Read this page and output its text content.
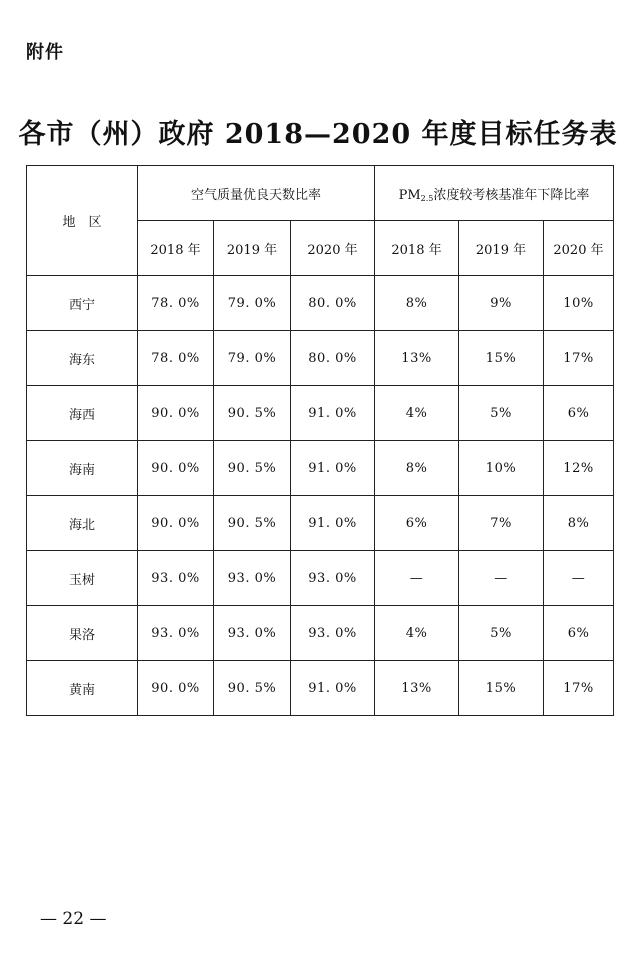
附件
各市（州）政府 2018—2020 年度目标任务表
地　区	空气质量优良天数比率			PM2.5浓度较考核基准年下降比率		
	2018 年	2019 年	2020 年	2018 年	2019 年	2020 年
西宁	78. 0%	79. 0%	80. 0%	8%	9%	10%
海东	78. 0%	79. 0%	80. 0%	13%	15%	17%
海西	90. 0%	90. 5%	91. 0%	4%	5%	6%
海南	90. 0%	90. 5%	91. 0%	8%	10%	12%
海北	90. 0%	90. 5%	91. 0%	6%	7%	8%
玉树	93. 0%	93. 0%	93. 0%	—	—	—
果洛	93. 0%	93. 0%	93. 0%	4%	5%	6%
黄南	90. 0%	90. 5%	91. 0%	13%	15%	17%
— 22 —
